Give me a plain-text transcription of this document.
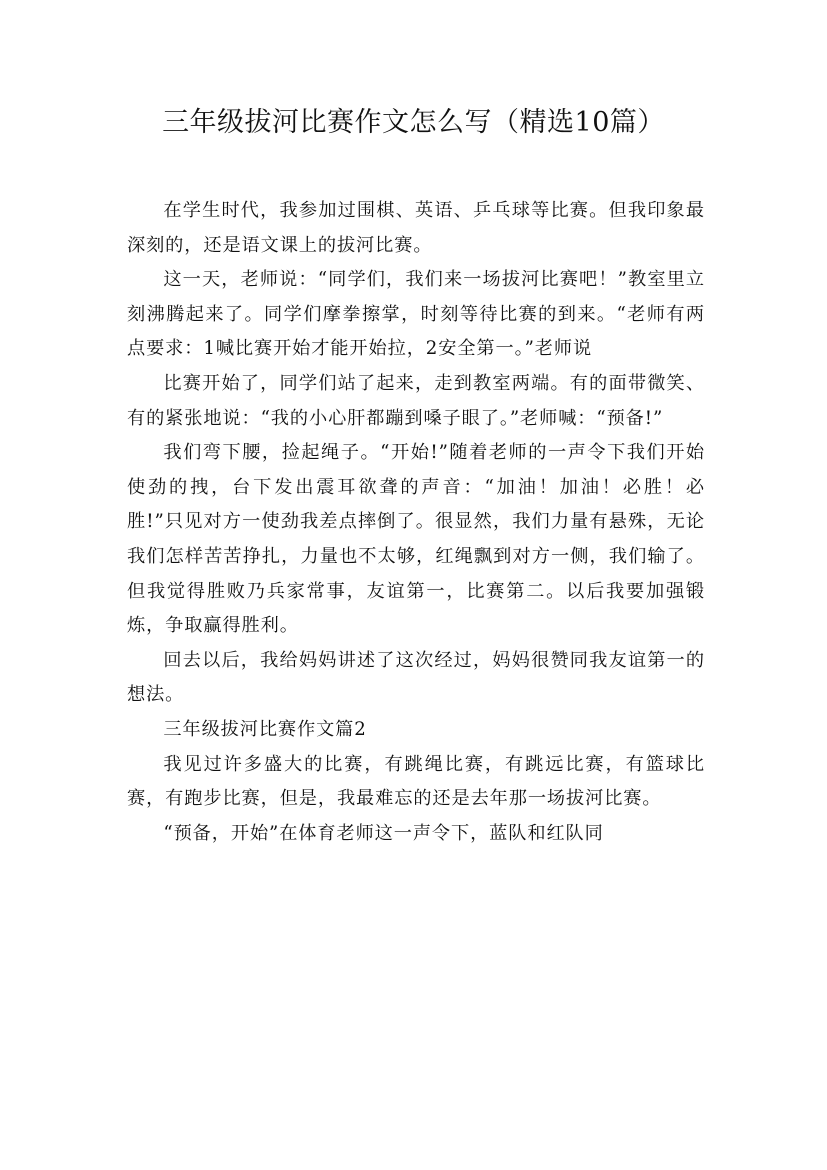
三年级拔河比赛作文怎么写（精选10篇）

在学生时代，我参加过围棋、英语、乒乓球等比赛。但我印象最深刻的，还是语文课上的拔河比赛。

这一天，老师说：“同学们，我们来一场拔河比赛吧！”教室里立刻沸腾起来了。同学们摩拳擦掌，时刻等待比赛的到来。“老师有两点要求：1喊比赛开始才能开始拉，2安全第一。”老师说

比赛开始了，同学们站了起来，走到教室两端。有的面带微笑、有的紧张地说：“我的小心肝都蹦到嗓子眼了。”老师喊：“预备!”

我们弯下腰，捡起绳子。“开始!”随着老师的一声令下我们开始使劲的拽，台下发出震耳欲聋的声音：“加油！加油！必胜！必胜!”只见对方一使劲我差点摔倒了。很显然，我们力量有悬殊，无论我们怎样苦苦挣扎，力量也不太够，红绳飘到对方一侧，我们输了。但我觉得胜败乃兵家常事，友谊第一，比赛第二。以后我要加强锻炼，争取赢得胜利。

回去以后，我给妈妈讲述了这次经过，妈妈很赞同我友谊第一的想法。

三年级拔河比赛作文篇2

我见过许多盛大的比赛，有跳绳比赛，有跳远比赛，有篮球比赛，有跑步比赛，但是，我最难忘的还是去年那一场拔河比赛。

“预备，开始”在体育老师这一声令下，蓝队和红队同
